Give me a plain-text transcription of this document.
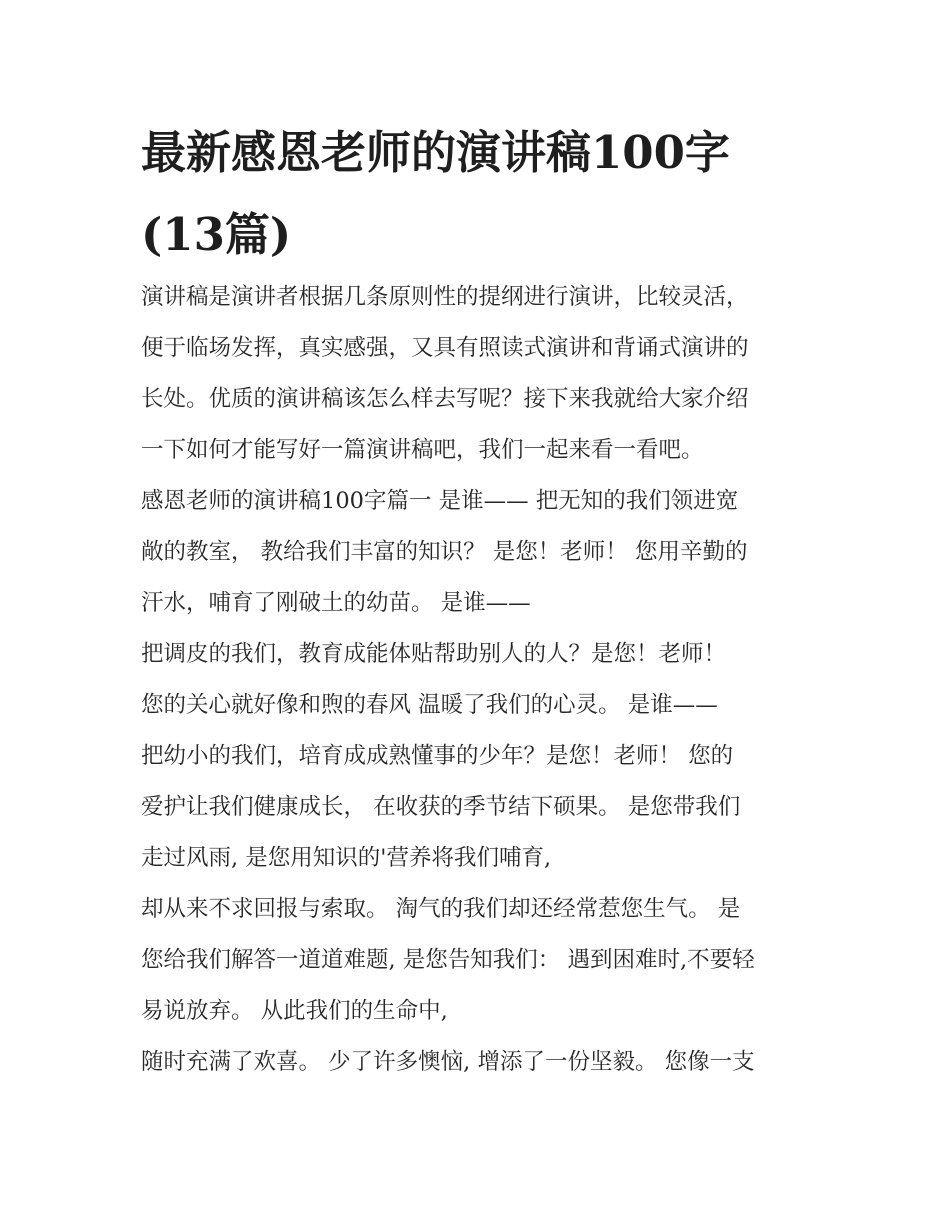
最新感恩老师的演讲稿100字
(13篇)
演讲稿是演讲者根据几条原则性的提纲进行演讲，比较灵活，
便于临场发挥，真实感强，又具有照读式演讲和背诵式演讲的
长处。优质的演讲稿该怎么样去写呢？接下来我就给大家介绍
一下如何才能写好一篇演讲稿吧，我们一起来看一看吧。
感恩老师的演讲稿100字篇一 是谁—— 把无知的我们领进宽
敞的教室， 教给我们丰富的知识？ 是您！老师！ 您用辛勤的
汗水，哺育了刚破土的幼苗。 是谁——
把调皮的我们，教育成能体贴帮助别人的人？是您！老师！
您的关心就好像和煦的春风 温暖了我们的心灵。 是谁——
把幼小的我们，培育成成熟懂事的少年？是您！老师！ 您的
爱护让我们健康成长， 在收获的季节结下硕果。 是您带我们
走过风雨, 是您用知识的'营养将我们哺育,
却从来不求回报与索取。 淘气的我们却还经常惹您生气。 是
您给我们解答一道道难题, 是您告知我们： 遇到困难时,不要轻
易说放弃。 从此我们的生命中,
随时充满了欢喜。 少了许多懊恼, 增添了一份坚毅。 您像一支
